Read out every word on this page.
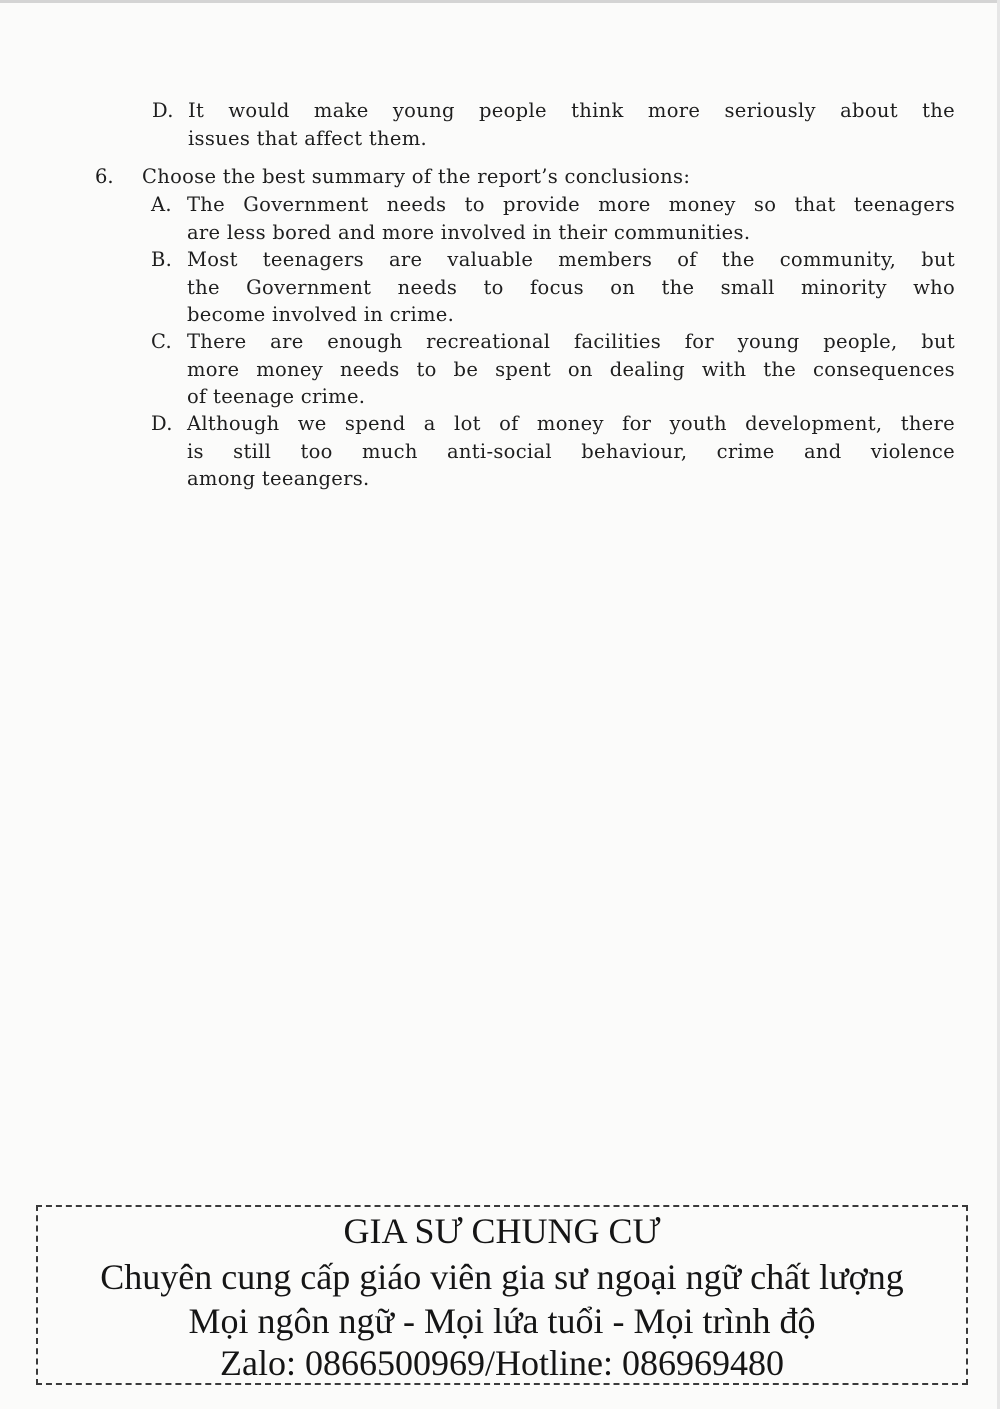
D. It would make young people think more seriously about the
issues that affect them.
6. Choose the best summary of the report’s conclusions:
A. The Government needs to provide more money so that teenagers
are less bored and more involved in their communities.
B. Most teenagers are valuable members of the community, but
the Government needs to focus on the small minority who
become involved in crime.
C. There are enough recreational facilities for young people, but
more money needs to be spent on dealing with the consequences
of teenage crime.
D. Although we spend a lot of money for youth development, there
is still too much anti-social behaviour, crime and violence
among teeangers.
GIA SƯ CHUNG CƯ
Chuyên cung cấp giáo viên gia sư ngoại ngữ chất lượng
Mọi ngôn ngữ - Mọi lứa tuổi - Mọi trình độ
Zalo: 0866500969/Hotline: 086969480
